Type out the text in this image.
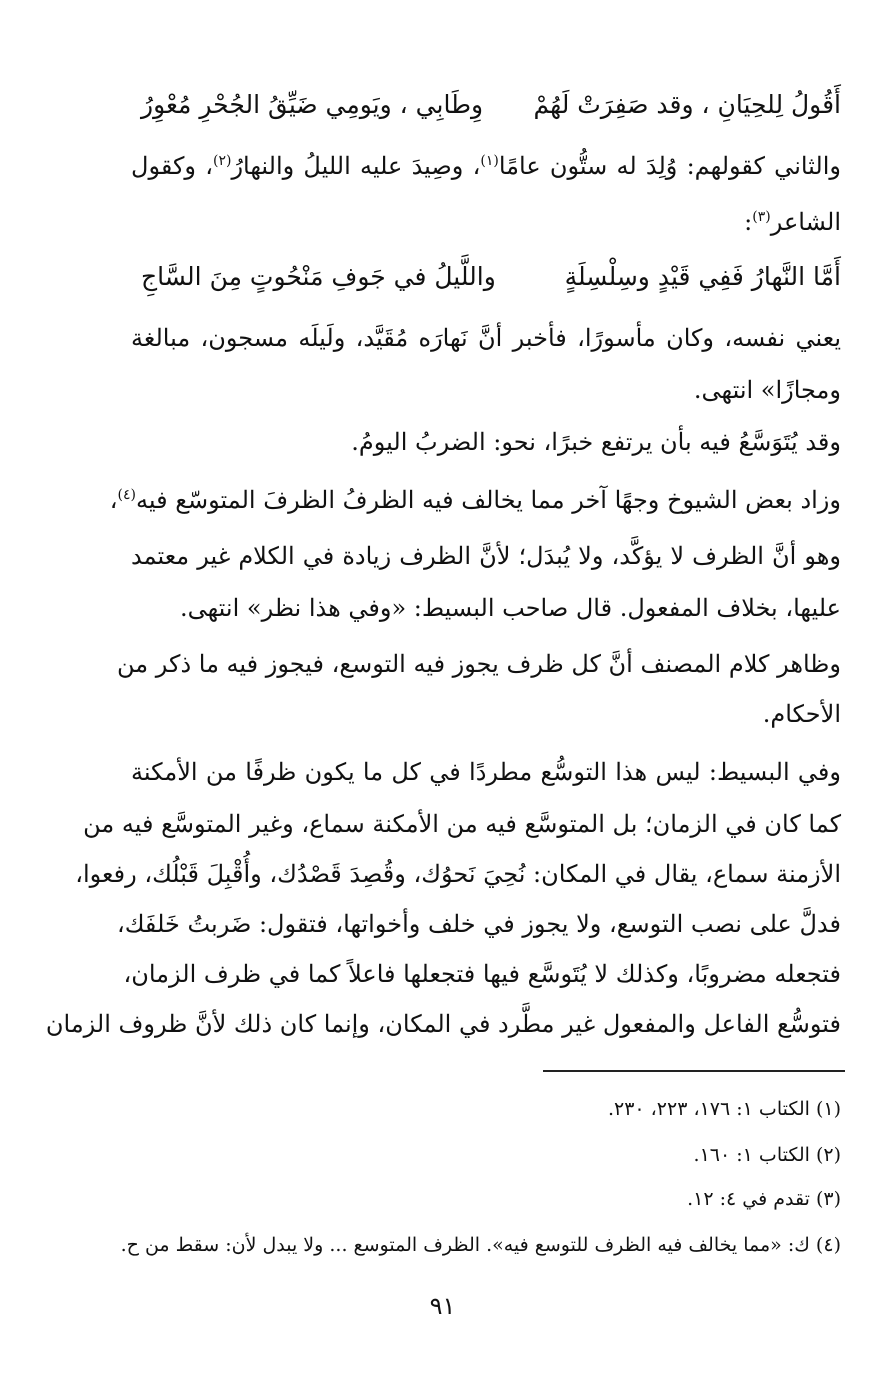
أَقُولُ لِلحِيَانِ ، وقد صَفِرَتْ لَهُمْ
وِطَابِي ، ويَومِي ضَيِّقُ الجُحْرِ مُعْوِرُ
والثاني كقولهم: وُلِدَ له ستُّون عامًا$^{(١)}$، وصِيدَ عليه الليلُ والنهارُ$^{(٢)}$، وكقول
الشاعر$^{(٣)}$:
أَمَّا النَّهارُ فَفِي قَيْدٍ وسِلْسِلَةٍ
واللَّيلُ في جَوفِ مَنْحُوتٍ مِنَ السَّاجِ
يعني نفسه، وكان مأسورًا، فأخبر أنَّ نَهارَه مُقَيَّد، ولَيلَه مسجون، مبالغة
ومجازًا» انتهى.
وقد يُتَوَسَّعُ فيه بأن يرتفع خبرًا، نحو: الضربُ اليومُ.
وزاد بعض الشيوخ وجهًا آخر مما يخالف فيه الظرفُ الظرفَ المتوسّع فيه$^{(٤)}$،
وهو أنَّ الظرف لا يؤكَّد، ولا يُبدَل؛ لأنَّ الظرف زيادة في الكلام غير معتمد
عليها، بخلاف المفعول. قال صاحب البسيط: «وفي هذا نظر» انتهى.
وظاهر كلام المصنف أنَّ كل ظرف يجوز فيه التوسع، فيجوز فيه ما ذكر من
الأحكام.
وفي البسيط: ليس هذا التوسُّع مطردًا في كل ما يكون ظرفًا من الأمكنة
كما كان في الزمان؛ بل المتوسَّع فيه من الأمكنة سماع، وغير المتوسَّع فيه من
الأزمنة سماع، يقال في المكان: نُحِيَ نَحوُك، وقُصِدَ قَصْدُك، وأُقْبِلَ قَبْلُك، رفعوا،
فدلَّ على نصب التوسع، ولا يجوز في خلف وأخواتها، فتقول: ضَربتُ خَلفَك،
فتجعله مضروبًا، وكذلك لا يُتَوسَّع فيها فتجعلها فاعلاً كما في ظرف الزمان،
فتوسُّع الفاعل والمفعول غير مطَّرد في المكان، وإنما كان ذلك لأنَّ ظروف الزمان
(١) الكتاب ١: ١٧٦، ٢٢٣، ٢٣٠.
(٢) الكتاب ١: ١٦٠.
(٣) تقدم في ٤: ١٢.
(٤) ك: «مما يخالف فيه الظرف للتوسع فيه». الظرف المتوسع ... ولا يبدل لأن: سقط من ح.
٩١
